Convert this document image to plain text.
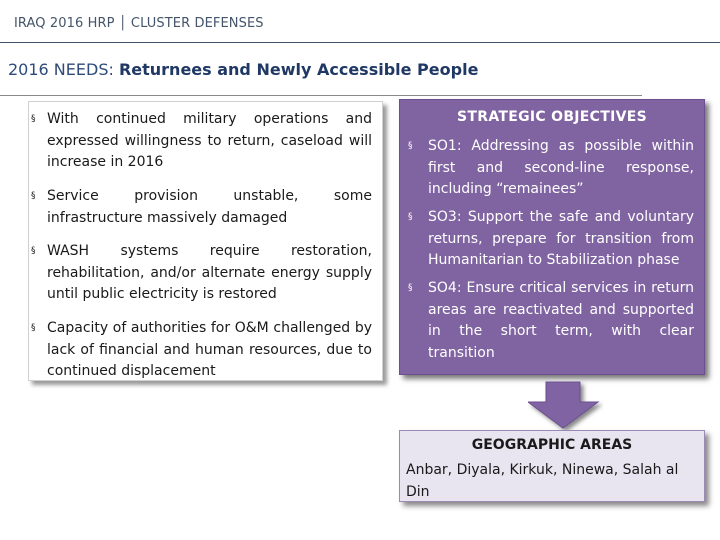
IRAQ 2016 HRP │ CLUSTER DEFENSES
2016 NEEDS: Returnees and Newly Accessible People
§ With continued military operations and expressed willingness to return, caseload will increase in 2016
§ Service provision unstable, some infrastructure massively damaged
§ WASH systems require restoration, rehabilitation, and/or alternate energy supply until public electricity is restored
§ Capacity of authorities for O&M challenged by lack of financial and human resources, due to continued displacement
STRATEGIC OBJECTIVES
§ SO1: Addressing as possible within first and second-line response, including “remainees”
§ SO3: Support the safe and voluntary returns, prepare for transition from Humanitarian to Stabilization phase
§ SO4: Ensure critical services in return areas are reactivated and supported in the short term, with clear transition
GEOGRAPHIC AREAS
Anbar, Diyala, Kirkuk, Ninewa, Salah al Din
